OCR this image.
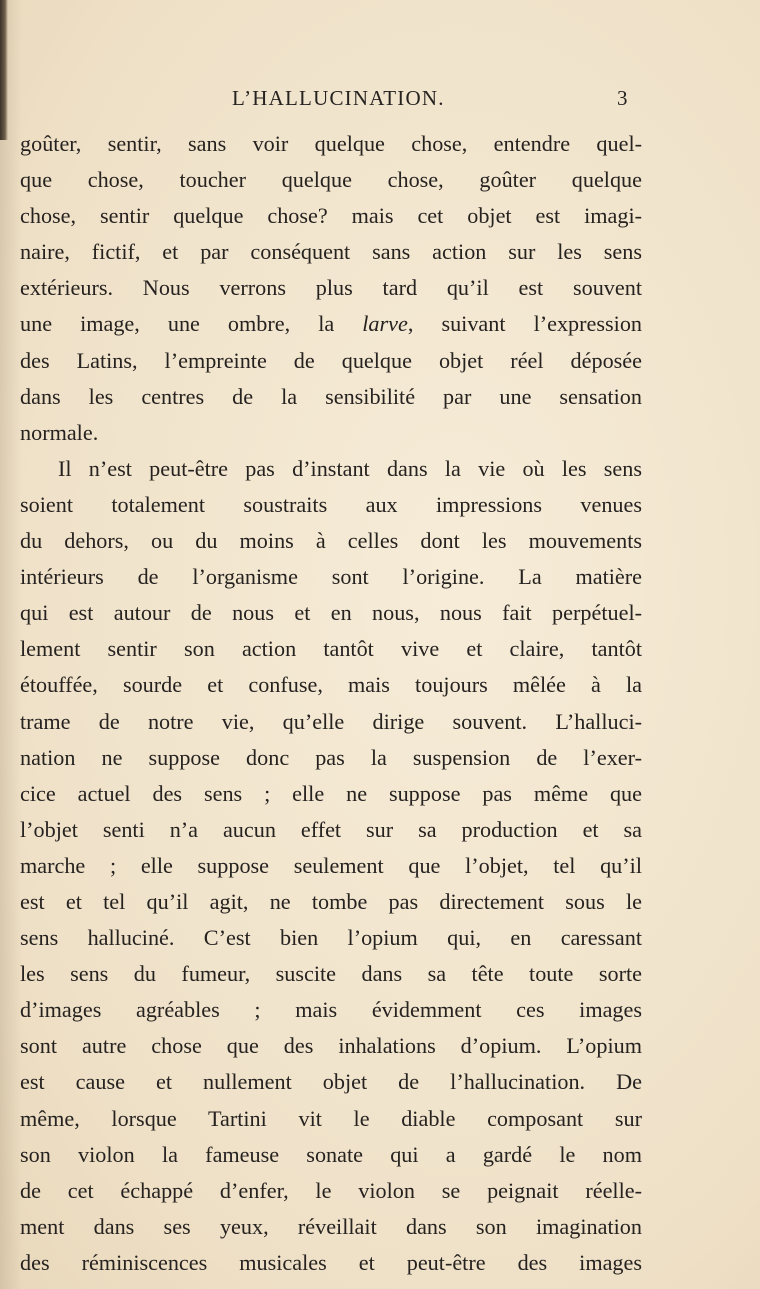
L’HALLUCINATION.	3
goûter, sentir, sans voir quelque chose, entendre quel-
que chose, toucher quelque chose, goûter quelque
chose, sentir quelque chose? mais cet objet est imagi-
naire, fictif, et par conséquent sans action sur les sens
extérieurs. Nous verrons plus tard qu’il est souvent
une image, une ombre, la larve, suivant l’expression
des Latins, l’empreinte de quelque objet réel déposée
dans les centres de la sensibilité par une sensation
normale.
Il n’est peut-être pas d’instant dans la vie où les sens
soient totalement soustraits aux impressions venues
du dehors, ou du moins à celles dont les mouvements
intérieurs de l’organisme sont l’origine. La matière
qui est autour de nous et en nous, nous fait perpétuel-
lement sentir son action tantôt vive et claire, tantôt
étouffée, sourde et confuse, mais toujours mêlée à la
trame de notre vie, qu’elle dirige souvent. L’halluci-
nation ne suppose donc pas la suspension de l’exer-
cice actuel des sens ; elle ne suppose pas même que
l’objet senti n’a aucun effet sur sa production et sa
marche ; elle suppose seulement que l’objet, tel qu’il
est et tel qu’il agit, ne tombe pas directement sous le
sens halluciné. C’est bien l’opium qui, en caressant
les sens du fumeur, suscite dans sa tête toute sorte
d’images agréables ; mais évidemment ces images
sont autre chose que des inhalations d’opium. L’opium
est cause et nullement objet de l’hallucination. De
même, lorsque Tartini vit le diable composant sur
son violon la fameuse sonate qui a gardé le nom
de cet échappé d’enfer, le violon se peignait réelle-
ment dans ses yeux, réveillait dans son imagination
des réminiscences musicales et peut-être des images
